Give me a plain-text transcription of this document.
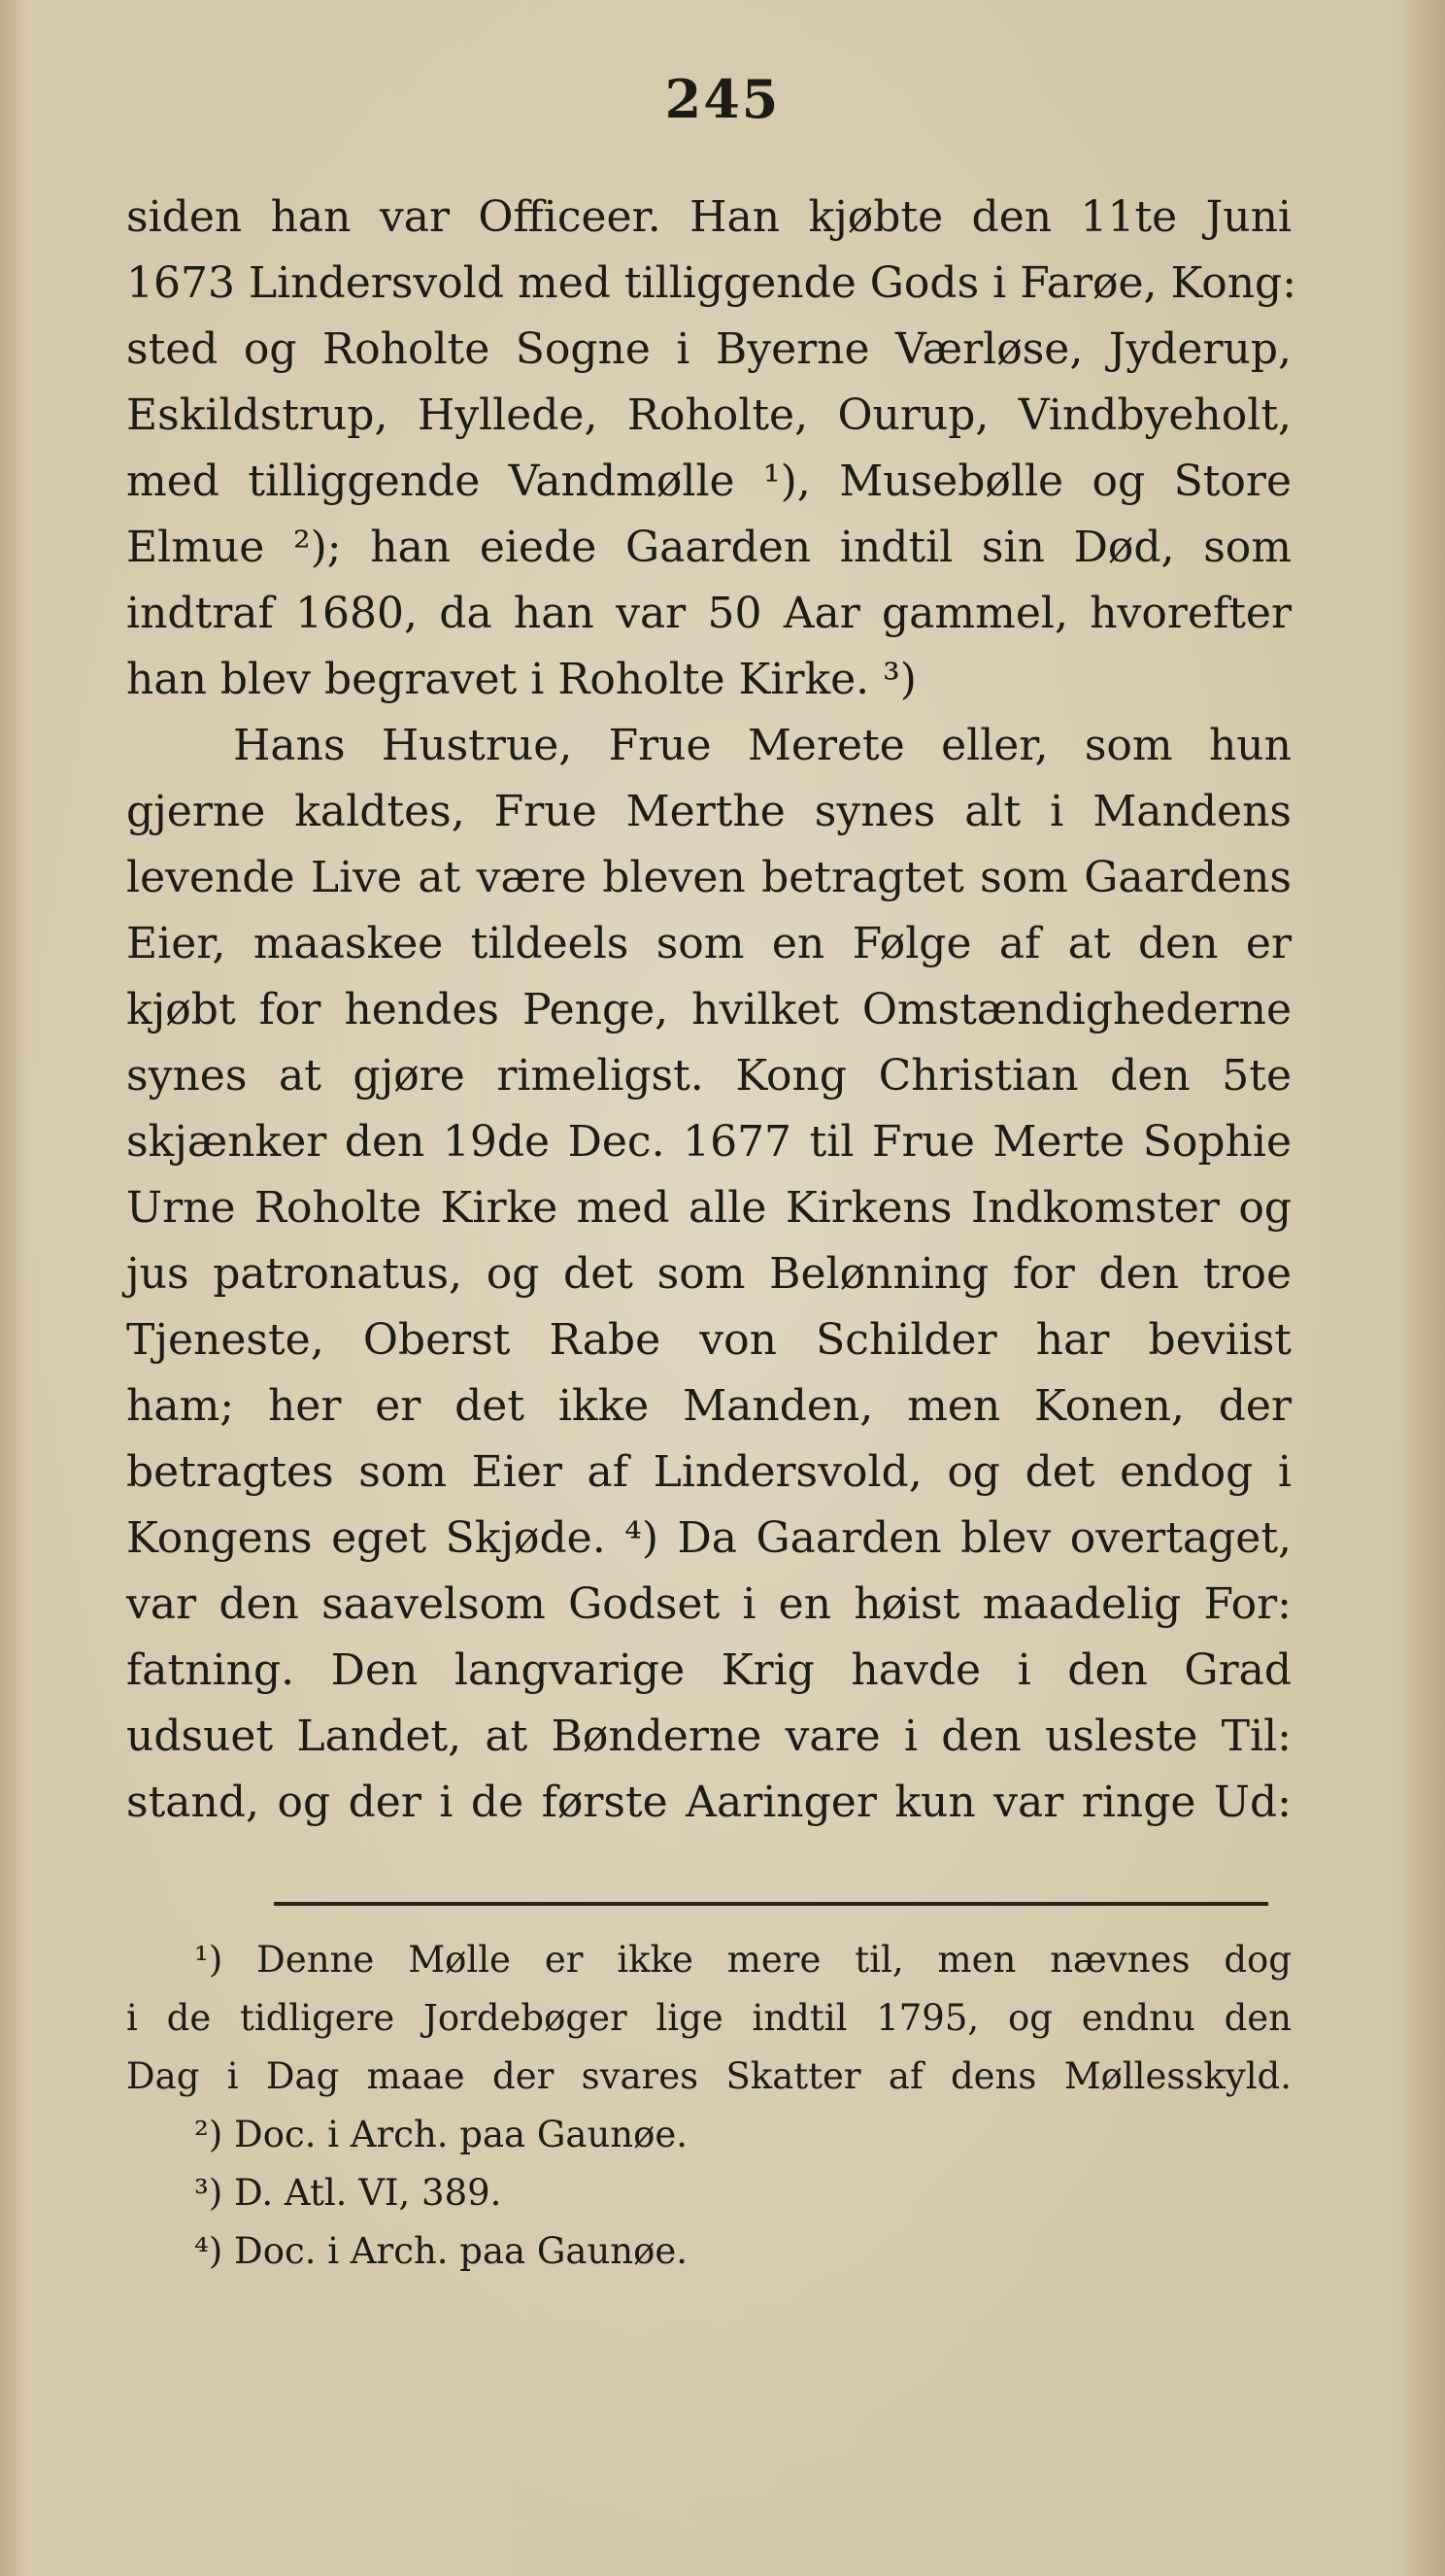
245
siden han var Officeer. Han kjøbte den 11te Juni
1673 Lindersvold med tilliggende Gods i Farøe, Kong:
sted og Roholte Sogne i Byerne Værløse, Jyderup,
Eskildstrup, Hyllede, Roholte, Ourup, Vindbyeholt,
med tilliggende Vandmølle ¹), Musebølle og Store
Elmue ²); han eiede Gaarden indtil sin Død, som
indtraf 1680, da han var 50 Aar gammel, hvorefter
han blev begravet i Roholte Kirke. ³)
Hans Hustrue, Frue Merete eller, som hun
gjerne kaldtes, Frue Merthe synes alt i Mandens
levende Live at være bleven betragtet som Gaardens
Eier, maaskee tildeels som en Følge af at den er
kjøbt for hendes Penge, hvilket Omstændighederne
synes at gjøre rimeligst. Kong Christian den 5te
skjænker den 19de Dec. 1677 til Frue Merte Sophie
Urne Roholte Kirke med alle Kirkens Indkomster og
jus patronatus, og det som Belønning for den troe
Tjeneste, Oberst Rabe von Schilder har beviist
ham; her er det ikke Manden, men Konen, der
betragtes som Eier af Lindersvold, og det endog i
Kongens eget Skjøde. ⁴) Da Gaarden blev overtaget,
var den saavelsom Godset i en høist maadelig For:
fatning. Den langvarige Krig havde i den Grad
udsuet Landet, at Bønderne vare i den usleste Til:
stand, og der i de første Aaringer kun var ringe Ud:
¹) Denne Mølle er ikke mere til, men nævnes dog
i de tidligere Jordebøger lige indtil 1795, og endnu den
Dag i Dag maae der svares Skatter af dens Møllesskyld.
²) Doc. i Arch. paa Gaunøe.
³) D. Atl. VI, 389.
⁴) Doc. i Arch. paa Gaunøe.
